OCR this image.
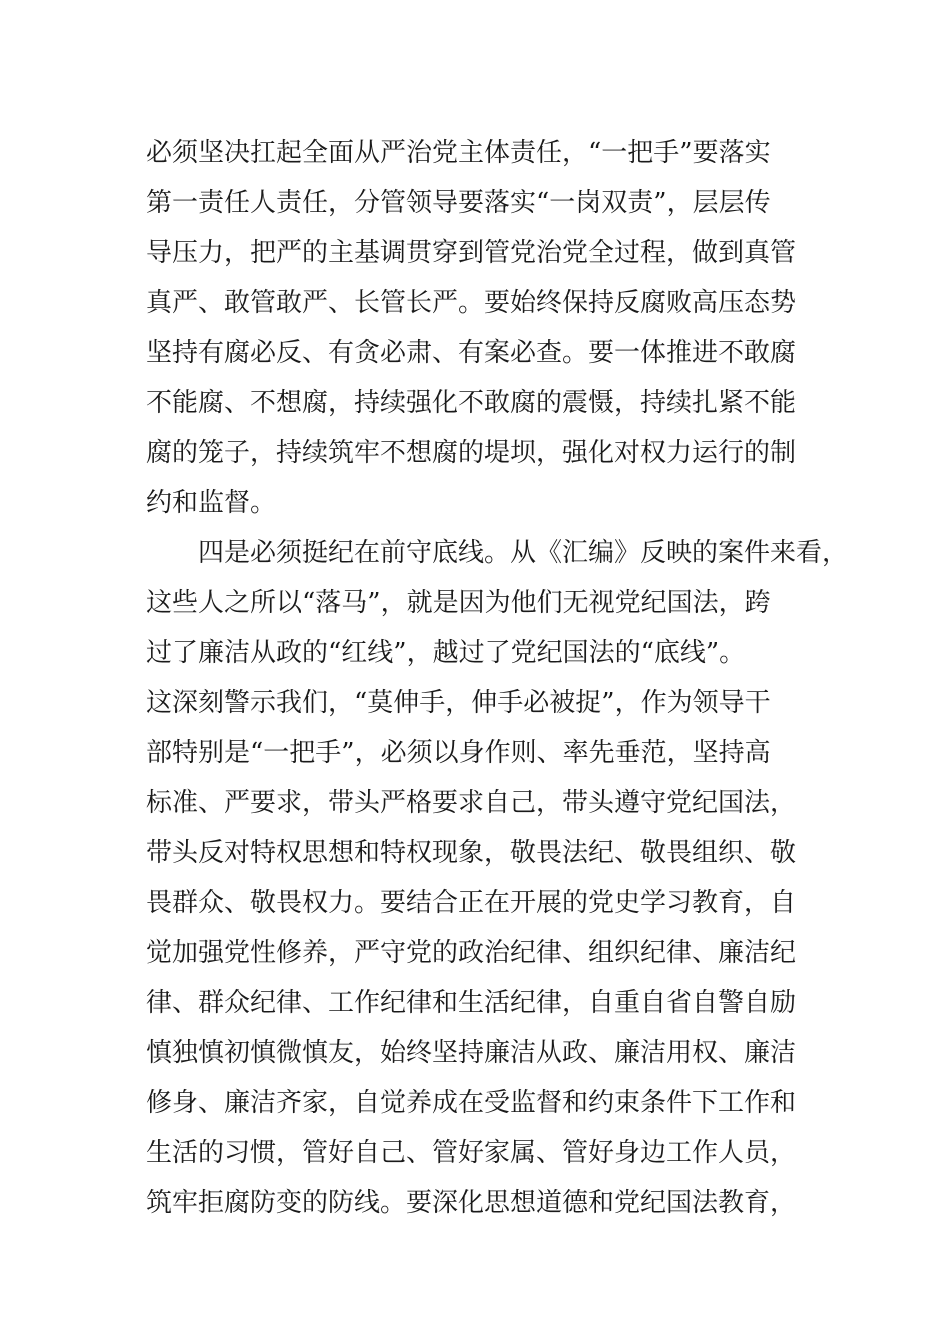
必须坚决扛起全面从严治党主体责任，“一把手”要落实
第一责任人责任，分管领导要落实“一岗双责”，层层传
导压力，把严的主基调贯穿到管党治党全过程，做到真管
真严、敢管敢严、长管长严。要始终保持反腐败高压态势
坚持有腐必反、有贪必肃、有案必查。要一体推进不敢腐
不能腐、不想腐，持续强化不敢腐的震慑，持续扎紧不能
腐的笼子，持续筑牢不想腐的堤坝，强化对权力运行的制
约和监督。
四是必须挺纪在前守底线。从《汇编》反映的案件来看，
这些人之所以“落马”，就是因为他们无视党纪国法，跨
过了廉洁从政的“红线”，越过了党纪国法的“底线”。
这深刻警示我们，“莫伸手，伸手必被捉”，作为领导干
部特别是“一把手”，必须以身作则、率先垂范，坚持高
标准、严要求，带头严格要求自己，带头遵守党纪国法，
带头反对特权思想和特权现象，敬畏法纪、敬畏组织、敬
畏群众、敬畏权力。要结合正在开展的党史学习教育，自
觉加强党性修养，严守党的政治纪律、组织纪律、廉洁纪
律、群众纪律、工作纪律和生活纪律，自重自省自警自励
慎独慎初慎微慎友，始终坚持廉洁从政、廉洁用权、廉洁
修身、廉洁齐家，自觉养成在受监督和约束条件下工作和
生活的习惯，管好自己、管好家属、管好身边工作人员，
筑牢拒腐防变的防线。要深化思想道德和党纪国法教育，
